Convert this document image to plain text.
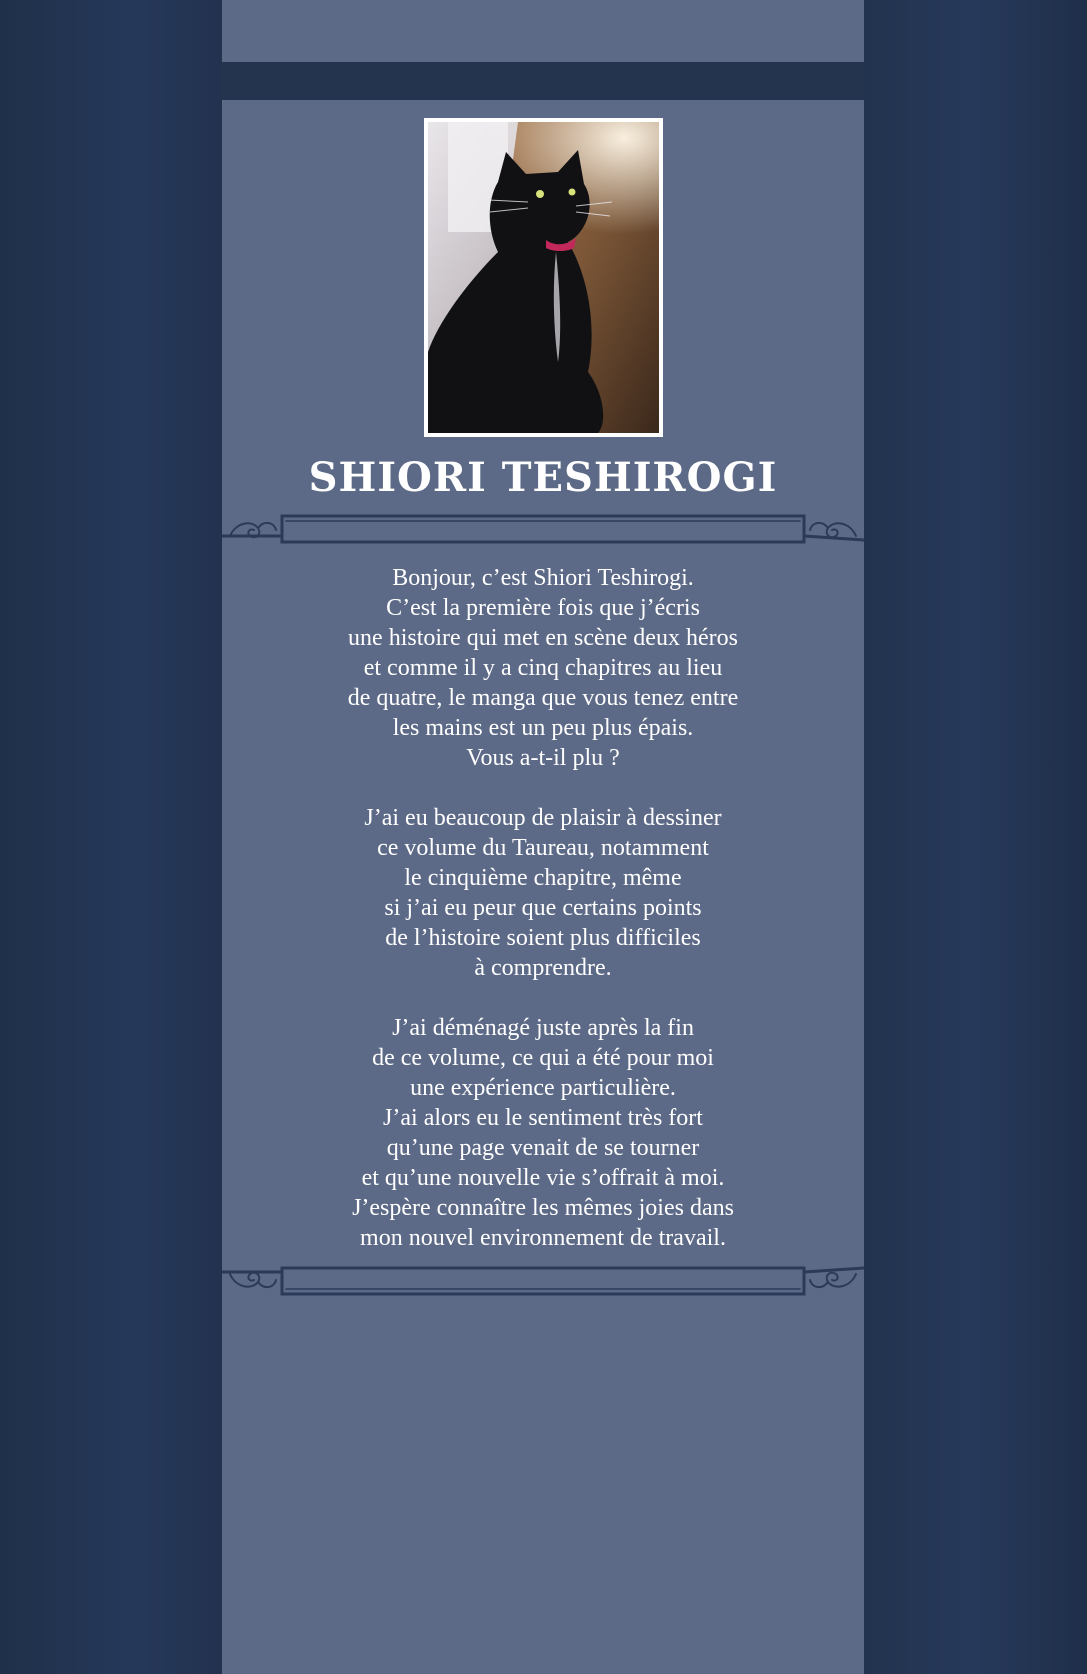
SHIORI TESHIROGI

Bonjour, c’est Shiori Teshirogi.
C’est la première fois que j’écris
une histoire qui met en scène deux héros
et comme il y a cinq chapitres au lieu
de quatre, le manga que vous tenez entre
les mains est un peu plus épais.
Vous a-t-il plu ?

J’ai eu beaucoup de plaisir à dessiner
ce volume du Taureau, notamment
le cinquième chapitre, même
si j’ai eu peur que certains points
de l’histoire soient plus difficiles
à comprendre.

J’ai déménagé juste après la fin
de ce volume, ce qui a été pour moi
une expérience particulière.
J’ai alors eu le sentiment très fort
qu’une page venait de se tourner
et qu’une nouvelle vie s’offrait à moi.
J’espère connaître les mêmes joies dans
mon nouvel environnement de travail.
